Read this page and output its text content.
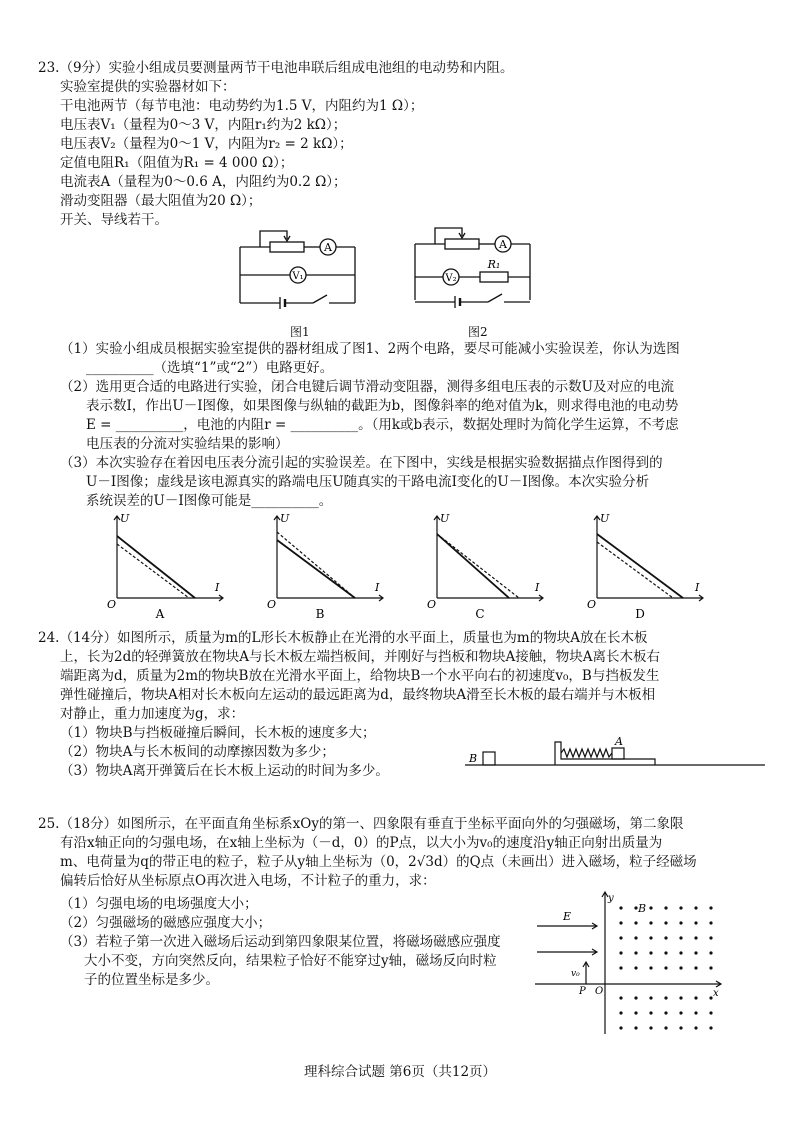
23.（9分）实验小组成员要测量两节干电池串联后组成电池组的电动势和内阻。
实验室提供的实验器材如下：
干电池两节（每节电池：电动势约为1.5 V，内阻约为1 Ω）；
电压表V₁（量程为0～3 V，内阻r₁约为2 kΩ）；
电压表V₂（量程为0～1 V，内阻为r₂ = 2 kΩ）；
定值电阻R₁（阻值为R₁ = 4 000 Ω）；
电流表A（量程为0～0.6 A，内阻约为0.2 Ω）；
滑动变阻器（最大阻值为20 Ω）；
开关、导线若干。
A
V₁
图1
A
V₂
R₁
图2
（1）实验小组成员根据实验室提供的器材组成了图1、2两个电路，要尽可能减小实验误差，你认为选图
__________（选填“1”或“2”）电路更好。
（2）选用更合适的电路进行实验，闭合电键后调节滑动变阻器，测得多组电压表的示数U及对应的电流
表示数I，作出U－I图像，如果图像与纵轴的截距为b，图像斜率的绝对值为k，则求得电池的电动势
E = __________，电池的内阻r = __________。（用k或b表示，数据处理时为简化学生运算，不考虑
电压表的分流对实验结果的影响）
（3）本次实验存在着因电压表分流引起的实验误差。在下图中，实线是根据实验数据描点作图得到的
U－I图像；虚线是该电源真实的路端电压U随真实的干路电流I变化的U－I图像。本次实验分析
系统误差的U－I图像可能是__________。
U
I
O
A
U
I
O
B
U
I
O
C
U
I
O
D
24.（14分）如图所示，质量为m的L形长木板静止在光滑的水平面上，质量也为m的物块A放在长木板
上，长为2d的轻弹簧放在物块A与长木板左端挡板间，并刚好与挡板和物块A接触，物块A离长木板右
端距离为d，质量为2m的物块B放在光滑水平面上，给物块B一个水平向右的初速度v₀，B与挡板发生
弹性碰撞后，物块A相对长木板向左运动的最远距离为d，最终物块A滑至长木板的最右端并与木板相
对静止，重力加速度为g，求：
（1）物块B与挡板碰撞后瞬间，长木板的速度多大；
（2）物块A与长木板间的动摩擦因数为多少；
（3）物块A离开弹簧后在长木板上运动的时间为多少。
B
A
25.（18分）如图所示，在平面直角坐标系xOy的第一、四象限有垂直于坐标平面向外的匀强磁场，第二象限
有沿x轴正向的匀强电场，在x轴上坐标为（－d，0）的P点，以大小为v₀的速度沿y轴正向射出质量为
m、电荷量为q的带正电的粒子，粒子从y轴上坐标为（0，2√3d）的Q点（未画出）进入磁场，粒子经磁场
偏转后恰好从坐标原点O再次进入电场，不计粒子的重力，求：
（1）匀强电场的电场强度大小；
（2）匀强磁场的磁感应强度大小；
（3）若粒子第一次进入磁场后运动到第四象限某位置，将磁场磁感应强度
大小不变，方向突然反向，结果粒子恰好不能穿过y轴，磁场反向时粒
子的位置坐标是多少。
E
B
y
x
O
P
v₀
理科综合试题 第6页（共12页）
